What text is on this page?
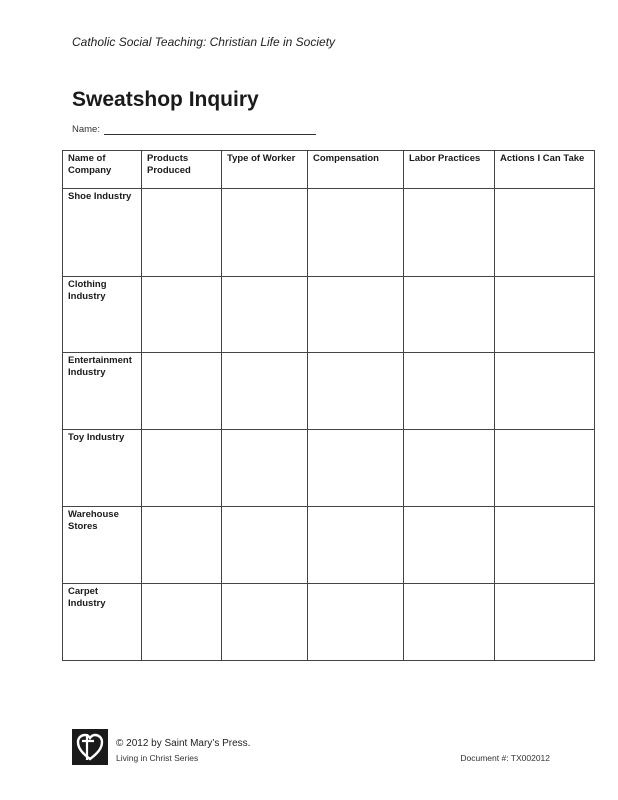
Catholic Social Teaching: Christian Life in Society
Sweatshop Inquiry
Name:
Name of Company	Products Produced	Type of Worker	Compensation	Labor Practices	Actions I Can Take
Shoe Industry					
Clothing Industry					
Entertainment Industry					
Toy Industry					
Warehouse Stores					
Carpet Industry					
© 2012 by Saint Mary’s Press.
Living in Christ Series	Document #: TX002012
